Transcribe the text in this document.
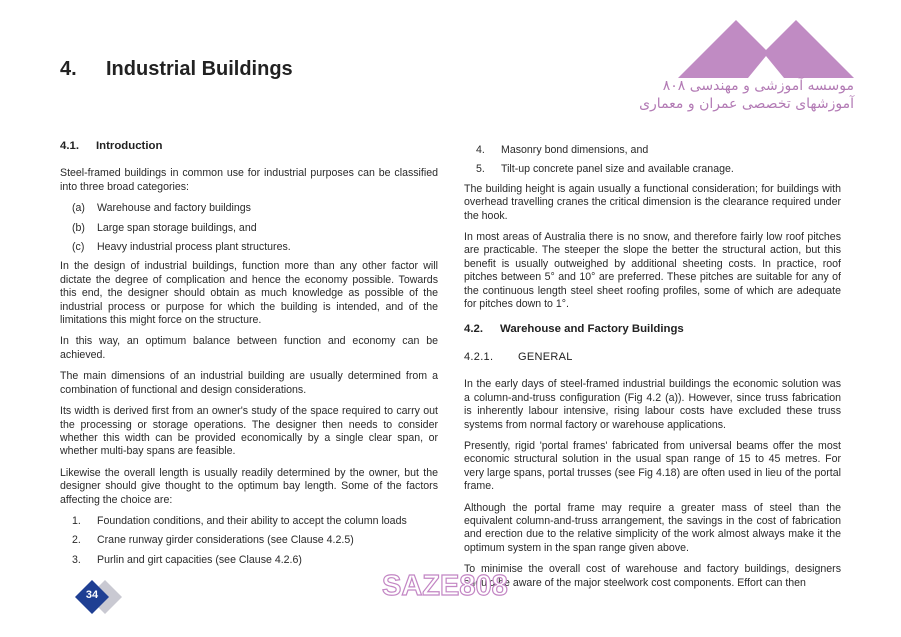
4. Industrial Buildings
موسسه آموزشی و مهندسی ۸۰۸
آموزشهای تخصصی عمران و معماری
4.1. Introduction

Steel-framed buildings in common use for industrial purposes can be classified into three broad categories:

(a) Warehouse and factory buildings
(b) Large span storage buildings, and
(c) Heavy industrial process plant structures.

In the design of industrial buildings, function more than any other factor will dictate the degree of complication and hence the economy possible. Towards this end, the designer should obtain as much knowledge as possible of the industrial process or purpose for which the building is intended, and of the limitations this might force on the structure.

In this way, an optimum balance between function and economy can be achieved.

The main dimensions of an industrial building are usually determined from a combination of functional and design considerations.

Its width is derived first from an owner's study of the space required to carry out the processing or storage operations. The designer then needs to consider whether this width can be provided economically by a single clear span, or whether multi-bay spans are feasible.

Likewise the overall length is usually readily determined by the owner, but the designer should give thought to the optimum bay length. Some of the factors affecting the choice are:

1. Foundation conditions, and their ability to accept the column loads
2. Crane runway girder considerations (see Clause 4.2.5)
3. Purlin and girt capacities (see Clause 4.2.6)
4. Masonry bond dimensions, and
5. Tilt-up concrete panel size and available cranage.

The building height is again usually a functional consideration; for buildings with overhead travelling cranes the critical dimension is the clearance required under the hook.

In most areas of Australia there is no snow, and therefore fairly low roof pitches are practicable. The steeper the slope the better the structural action, but this benefit is usually outweighed by additional sheeting costs. In practice, roof pitches between 5° and 10° are preferred. These pitches are suitable for any of the continuous length steel sheet roofing profiles, some of which are adequate for pitches down to 1°.

4.2. Warehouse and Factory Buildings
4.2.1. GENERAL

In the early days of steel-framed industrial buildings the economic solution was a column-and-truss configuration (Fig 4.2 (a)). However, since truss fabrication is inherently labour intensive, rising labour costs have excluded these truss systems from normal factory or warehouse applications.

Presently, rigid 'portal frames' fabricated from universal beams offer the most economic structural solution in the usual span range of 15 to 45 metres. For very large spans, portal trusses (see Fig 4.18) are often used in lieu of the portal frame.

Although the portal frame may require a greater mass of steel than the equivalent column-and-truss arrangement, the savings in the cost of fabrication and erection due to the relative simplicity of the work almost always make it the optimum system in the span range given above.

To minimise the overall cost of warehouse and factory buildings, designers should be aware of the major steelwork cost components. Effort can then

34	SAZE808
